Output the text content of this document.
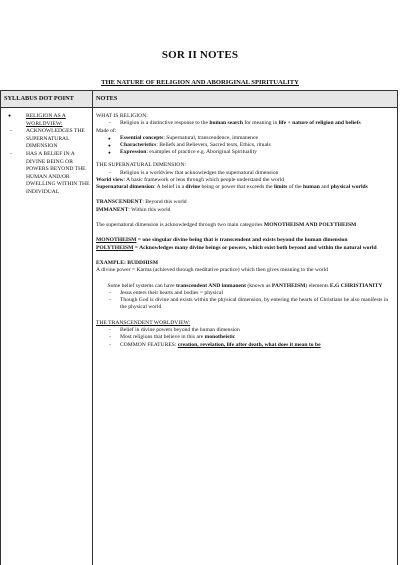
SOR II NOTES
THE NATURE OF RELIGION AND ABORIGINAL SPIRITUALITY
SYLLABUS DOT POINT	NOTES
● RELIGION AS A WORLDVIEW:
- ACKNOWLEDGES THE SUPERNATURAL DIMENSION
- HAS A BELIEF IN A DIVINE BEING OR POWERS BEYOND THE HUMAN AND/OR DWELLING WITHIN THE INDIVIDUAL

WHAT IS RELIGION:

- Religion is a distinctive response to the human search for meaning in life + nature of religion and beliefs

Made of:

● Essential concepts: Supernatural, transcendence, immanence

● Characteristics: Beliefs and Believers, Sacred texts, Ethics, rituals

● Expression: examples of practice e.g. Aboriginal Spirituality

THE SUPERNATURAL DIMENSION:

- Religion is a worldview that acknowledges the supernatural dimension

World view: A basic framework or lens through which people understand the world

Supernatural dimension: A belief in a divine being or power that exceeds the limits of the human and physical worlds

TRANSCENDENT: Beyond this world

IMMANENT: Within this world

The supernatural dimension is acknowledged through two main categories MONOTHEISM AND POLYTHEISM

MONOTHEISM = one singular divine being that is transcendent and exists beyond the human dimension

POLYTHEISM = Acknowledges many divine beings or powers, which exist both beyond and within the natural world

EXAMPLE: BUDDHISM

A divine power = Karma (achieved through meditative practice) which then gives meaning to the world

Some belief systems can have transcendent AND immanent (known as PANTHEISM) elements E.G CHRISTIANITY

- Jesus enters their hearts and bodies = physical

- Though God is divine and exists within the physical dimension, by entering the hearts of Christians he also manifests in the physical world

THE TRANSCENDENT WORLDVIEW:

- Belief in divine powers beyond the human dimension

- Most religions that believe in this are monotheistic

- COMMON FEATURES: creation, revelation, life after death, what does it mean to be
